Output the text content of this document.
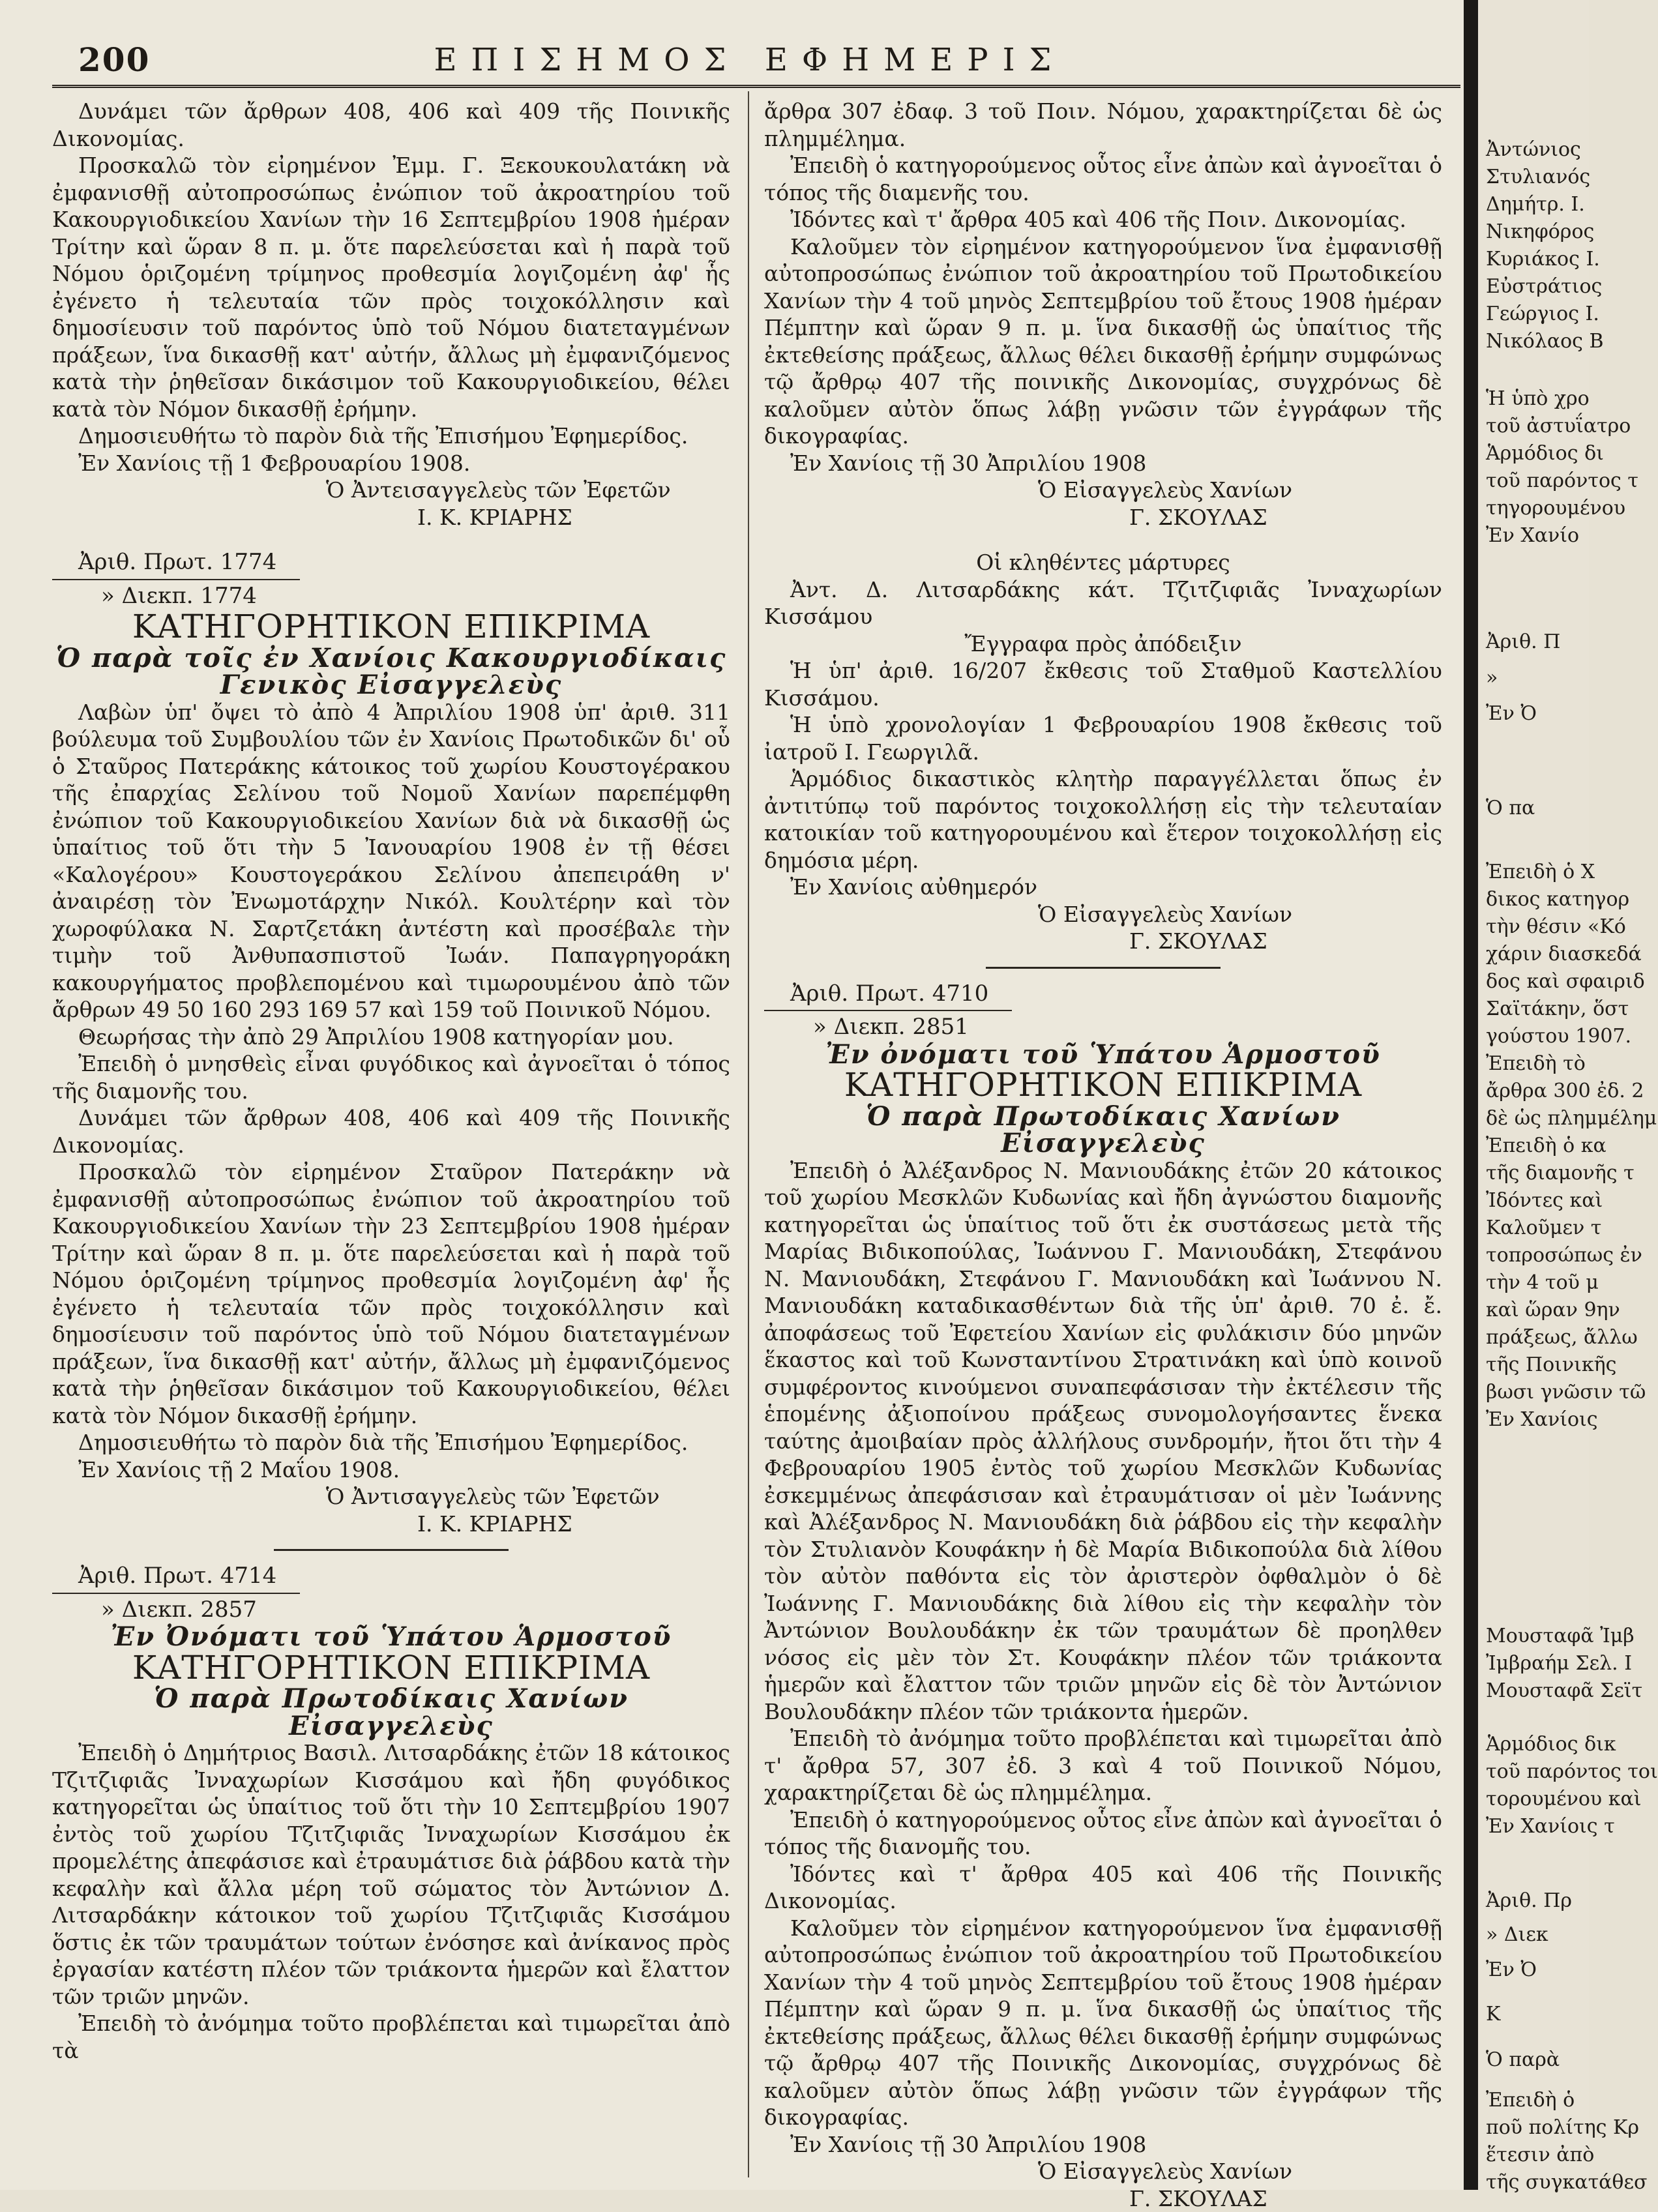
200	ΕΠΙΣΗΜΟΣ ΕΦΗΜΕΡΙΣ

Δυνάμει τῶν ἄρθρων 408, 406 καὶ 409 τῆς Ποινικῆς Δικονομίας.

Προσκαλῶ τὸν εἰρημένον Ἐμμ. Γ. Ξεκουκουλατάκη νὰ ἐμφανισθῇ αὐτοπροσώπως ἐνώπιον τοῦ ἀκροατηρίου τοῦ Κακουργιοδικείου Χανίων τὴν 16 Σεπτεμβρίου 1908 ἡμέραν Τρίτην καὶ ὥραν 8 π. μ. ὅτε παρελεύσεται καὶ ἡ παρὰ τοῦ Νόμου ὁριζομένη τρίμηνος προθεσμία λογιζομένη ἀφ' ἧς ἐγένετο ἡ τελευταία τῶν πρὸς τοιχοκόλλησιν καὶ δημοσίευσιν τοῦ παρόντος ὑπὸ τοῦ Νόμου διατεταγμένων πράξεων, ἵνα δικασθῇ κατ' αὐτήν, ἄλλως μὴ ἐμφανιζόμενος κατὰ τὴν ῥηθεῖσαν δικάσιμον τοῦ Κακουργιοδικείου, θέλει κατὰ τὸν Νόμον δικασθῇ ἐρήμην.

Δημοσιευθήτω τὸ παρὸν διὰ τῆς Ἐπισήμου Ἐφημερίδος.

Ἐν Χανίοις τῇ 1 Φεβρουαρίου 1908.

Ὁ Ἀντεισαγγελεὺς τῶν Ἐφετῶν

Ι. Κ. ΚΡΙΑΡΗΣ

Ἀριθ. Πρωτ. 1774

» Διεκπ. 1774

ΚΑΤΗΓΟΡΗΤΙΚΟΝ ΕΠΙΚΡΙΜΑ

Ὁ παρὰ τοῖς ἐν Χανίοις Κακουργιοδίκαις Γενικὸς Εἰσαγγελεὺς

Λαβὼν ὑπ' ὄψει τὸ ἀπὸ 4 Ἀπριλίου 1908 ὑπ' ἀριθ. 311 βούλευμα τοῦ Συμβουλίου τῶν ἐν Χανίοις Πρωτοδικῶν δι' οὗ ὁ Σταῦρος Πατεράκης κάτοικος τοῦ χωρίου Κουστογέρακου τῆς ἐπαρχίας Σελίνου τοῦ Νομοῦ Χανίων παρεπέμφθη ἐνώπιον τοῦ Κακουργιοδικείου Χανίων διὰ νὰ δικασθῇ ὡς ὑπαίτιος τοῦ ὅτι τὴν 5 Ἰανουαρίου 1908 ἐν τῇ θέσει «Καλογέρου» Κουστογεράκου Σελίνου ἀπεπειράθη ν' ἀναιρέσῃ τὸν Ἐνωμοτάρχην Νικόλ. Κουλτέρην καὶ τὸν χωροφύλακα Ν. Σαρτζετάκη ἀντέστη καὶ προσέβαλε τὴν τιμὴν τοῦ Ἀνθυπασπιστοῦ Ἰωάν. Παπαγρηγοράκη κακουργήματος προβλεπομένου καὶ τιμωρουμένου ἀπὸ τῶν ἄρθρων 49 50 160 293 169 57 καὶ 159 τοῦ Ποινικοῦ Νόμου.

Θεωρήσας τὴν ἀπὸ 29 Ἀπριλίου 1908 κατηγορίαν μου.

Ἐπειδὴ ὁ μνησθεὶς εἶναι φυγόδικος καὶ ἀγνοεῖται ὁ τόπος τῆς διαμονῆς του.

Δυνάμει τῶν ἄρθρων 408, 406 καὶ 409 τῆς Ποινικῆς Δικονομίας.

Προσκαλῶ τὸν εἰρημένον Σταῦρον Πατεράκην νὰ ἐμφανισθῇ αὐτοπροσώπως ἐνώπιον τοῦ ἀκροατηρίου τοῦ Κακουργιοδικείου Χανίων τὴν 23 Σεπτεμβρίου 1908 ἡμέραν Τρίτην καὶ ὥραν 8 π. μ. ὅτε παρελεύσεται καὶ ἡ παρὰ τοῦ Νόμου ὁριζομένη τρίμηνος προθεσμία λογιζομένη ἀφ' ἧς ἐγένετο ἡ τελευταία τῶν πρὸς τοιχοκόλλησιν καὶ δημοσίευσιν τοῦ παρόντος ὑπὸ τοῦ Νόμου διατεταγμένων πράξεων, ἵνα δικασθῇ κατ' αὐτήν, ἄλλως μὴ ἐμφανιζόμενος κατὰ τὴν ῥηθεῖσαν δικάσιμον τοῦ Κακουργιοδικείου, θέλει κατὰ τὸν Νόμον δικασθῇ ἐρήμην.

Δημοσιευθήτω τὸ παρὸν διὰ τῆς Ἐπισήμου Ἐφημερίδος.

Ἐν Χανίοις τῇ 2 Μαΐου 1908.

Ὁ Ἀντισαγγελεὺς τῶν Ἐφετῶν

Ι. Κ. ΚΡΙΑΡΗΣ

Ἀριθ. Πρωτ. 4714

» Διεκπ. 2857

Ἐν Ὀνόματι τοῦ Ὑπάτου Ἁρμοστοῦ

ΚΑΤΗΓΟΡΗΤΙΚΟΝ ΕΠΙΚΡΙΜΑ

Ὁ παρὰ Πρωτοδίκαις Χανίων Εἰσαγγελεὺς

Ἐπειδὴ ὁ Δημήτριος Βασιλ. Λιτσαρδάκης ἐτῶν 18 κάτοικος Τζιτζιφιᾶς Ἰνναχωρίων Κισσάμου καὶ ἤδη φυγόδικος κατηγορεῖται ὡς ὑπαίτιος τοῦ ὅτι τὴν 10 Σεπτεμβρίου 1907 ἐντὸς τοῦ χωρίου Τζιτζιφιᾶς Ἰνναχωρίων Κισσάμου ἐκ προμελέτης ἀπεφάσισε καὶ ἐτραυμάτισε διὰ ῥάβδου κατὰ τὴν κεφαλὴν καὶ ἄλλα μέρη τοῦ σώματος τὸν Ἀντώνιον Δ. Λιτσαρδάκην κάτοικον τοῦ χωρίου Τζιτζιφιᾶς Κισσάμου ὅστις ἐκ τῶν τραυμάτων τούτων ἐνόσησε καὶ ἀνίκανος πρὸς ἐργασίαν κατέστη πλέον τῶν τριάκοντα ἡμερῶν καὶ ἔλαττον τῶν τριῶν μηνῶν.

Ἐπειδὴ τὸ ἀνόμημα τοῦτο προβλέπεται καὶ τιμωρεῖται ἀπὸ τὰ

ἄρθρα 307 ἐδαφ. 3 τοῦ Ποιν. Νόμου, χαρακτηρίζεται δὲ ὡς πλημμέλημα.

Ἐπειδὴ ὁ κατηγορούμενος οὗτος εἶνε ἀπὼν καὶ ἀγνοεῖται ὁ τόπος τῆς διαμενῆς του.

Ἰδόντες καὶ τ' ἄρθρα 405 καὶ 406 τῆς Ποιν. Δικονομίας.

Καλοῦμεν τὸν εἰρημένον κατηγορούμενον ἵνα ἐμφανισθῇ αὐτοπροσώπως ἐνώπιον τοῦ ἀκροατηρίου τοῦ Πρωτοδικείου Χανίων τὴν 4 τοῦ μηνὸς Σεπτεμβρίου τοῦ ἔτους 1908 ἡμέραν Πέμπτην καὶ ὥραν 9 π. μ. ἵνα δικασθῇ ὡς ὑπαίτιος τῆς ἐκτεθείσης πράξεως, ἄλλως θέλει δικασθῇ ἐρήμην συμφώνως τῷ ἄρθρῳ 407 τῆς ποινικῆς Δικονομίας, συγχρόνως δὲ καλοῦμεν αὐτὸν ὅπως λάβῃ γνῶσιν τῶν ἐγγράφων τῆς δικογραφίας.

Ἐν Χανίοις τῇ 30 Ἀπριλίου 1908

Ὁ Εἰσαγγελεὺς Χανίων

Γ. ΣΚΟΥΛΑΣ

Οἱ κληθέντες μάρτυρες

Ἀντ. Δ. Λιτσαρδάκης κάτ. Τζιτζιφιᾶς Ἰνναχωρίων Κισσάμου

Ἔγγραφα πρὸς ἀπόδειξιν

Ἡ ὑπ' ἀριθ. 16/207 ἔκθεσις τοῦ Σταθμοῦ Καστελλίου Κισσάμου.

Ἡ ὑπὸ χρονολογίαν 1 Φεβρουαρίου 1908 ἔκθεσις τοῦ ἰατροῦ Ι. Γεωργιλᾶ.

Ἁρμόδιος δικαστικὸς κλητὴρ παραγγέλλεται ὅπως ἐν ἀντιτύπῳ τοῦ παρόντος τοιχοκολλήσῃ εἰς τὴν τελευταίαν κατοικίαν τοῦ κατηγορουμένου καὶ ἕτερον τοιχοκολλήσῃ εἰς δημόσια μέρη.

Ἐν Χανίοις αὐθημερόν

Ὁ Εἰσαγγελεὺς Χανίων

Γ. ΣΚΟΥΛΑΣ

Ἀριθ. Πρωτ. 4710

» Διεκπ. 2851

Ἐν ὀνόματι τοῦ Ὑπάτου Ἁρμοστοῦ

ΚΑΤΗΓΟΡΗΤΙΚΟΝ ΕΠΙΚΡΙΜΑ

Ὁ παρὰ Πρωτοδίκαις Χανίων Εἰσαγγελεὺς

Ἐπειδὴ ὁ Ἀλέξανδρος Ν. Μανιουδάκης ἐτῶν 20 κάτοικος τοῦ χωρίου Μεσκλῶν Κυδωνίας καὶ ἤδη ἀγνώστου διαμονῆς κατηγορεῖται ὡς ὑπαίτιος τοῦ ὅτι ἐκ συστάσεως μετὰ τῆς Μαρίας Βιδικοπούλας, Ἰωάννου Γ. Μανιουδάκη, Στεφάνου Ν. Μανιουδάκη, Στεφάνου Γ. Μανιουδάκη καὶ Ἰωάννου Ν. Μανιουδάκη καταδικασθέντων διὰ τῆς ὑπ' ἀριθ. 70 ἐ. ἔ. ἀποφάσεως τοῦ Ἐφετείου Χανίων εἰς φυλάκισιν δύο μηνῶν ἕκαστος καὶ τοῦ Κωνσταντίνου Στρατινάκη καὶ ὑπὸ κοινοῦ συμφέροντος κινούμενοι συναπεφάσισαν τὴν ἐκτέλεσιν τῆς ἑπομένης ἀξιοποίνου πράξεως συνομολογήσαντες ἕνεκα ταύτης ἀμοιβαίαν πρὸς ἀλλήλους συνδρομήν, ἤτοι ὅτι τὴν 4 Φεβρουαρίου 1905 ἐντὸς τοῦ χωρίου Μεσκλῶν Κυδωνίας ἐσκεμμένως ἀπεφάσισαν καὶ ἐτραυμάτισαν οἱ μὲν Ἰωάννης καὶ Ἀλέξανδρος Ν. Μανιουδάκη διὰ ῥάβδου εἰς τὴν κεφαλὴν τὸν Στυλιανὸν Κουφάκην ἡ δὲ Μαρία Βιδικοπούλα διὰ λίθου τὸν αὐτὸν παθόντα εἰς τὸν ἀριστερὸν ὀφθαλμὸν ὁ δὲ Ἰωάννης Γ. Μανιουδάκης διὰ λίθου εἰς τὴν κεφαλὴν τὸν Ἀντώνιον Βουλουδάκην ἐκ τῶν τραυμάτων δὲ προηλθεν νόσος εἰς μὲν τὸν Στ. Κουφάκην πλέον τῶν τριάκοντα ἡμερῶν καὶ ἔλαττον τῶν τριῶν μηνῶν εἰς δὲ τὸν Ἀντώνιον Βουλουδάκην πλέον τῶν τριάκοντα ἡμερῶν.

Ἐπειδὴ τὸ ἀνόμημα τοῦτο προβλέπεται καὶ τιμωρεῖται ἀπὸ τ' ἄρθρα 57, 307 ἐδ. 3 καὶ 4 τοῦ Ποινικοῦ Νόμου, χαρακτηρίζεται δὲ ὡς πλημμέλημα.

Ἐπειδὴ ὁ κατηγορούμενος οὗτος εἶνε ἀπὼν καὶ ἀγνοεῖται ὁ τόπος τῆς διανομῆς του.

Ἰδόντες καὶ τ' ἄρθρα 405 καὶ 406 τῆς Ποινικῆς Δικονομίας.

Καλοῦμεν τὸν εἰρημένον κατηγορούμενον ἵνα ἐμφανισθῇ αὐτοπροσώπως ἐνώπιον τοῦ ἀκροατηρίου τοῦ Πρωτοδικείου Χανίων τὴν 4 τοῦ μηνὸς Σεπτεμβρίου τοῦ ἔτους 1908 ἡμέραν Πέμπτην καὶ ὥραν 9 π. μ. ἵνα δικασθῇ ὡς ὑπαίτιος τῆς ἐκτεθείσης πράξεως, ἄλλως θέλει δικασθῇ ἐρήμην συμφώνως τῷ ἄρθρῳ 407 τῆς Ποινικῆς Δικονομίας, συγχρόνως δὲ καλοῦμεν αὐτὸν ὅπως λάβῃ γνῶσιν τῶν ἐγγράφων τῆς δικογραφίας.

Ἐν Χανίοις τῇ 30 Ἀπριλίου 1908

Ὁ Εἰσαγγελεὺς Χανίων

Γ. ΣΚΟΥΛΑΣ

Ἀντώνιος
Στυλιανός
Δημήτρ. Ι.
Νικηφόρος
Κυριάκος Ι.
Εὐστράτιος
Γεώργιος Ι.
Νικόλαος Β
Ἡ ὑπὸ χρο
τοῦ ἀστυΐατρο
Ἁρμόδιος δι
τοῦ παρόντος τ
τηγορουμένου
Ἐν Χανίο
Ἀριθ. Π
»
Ἐν Ὀ
Ὁ πα
Ἐπειδὴ ὁ Χ
δικος κατηγορ
τὴν θέσιν «Κό
χάριν διασκεδά
δος καὶ σφαιριδ
Σαϊτάκην, ὅστ
γούστου 1907.
Ἐπειδὴ τὸ
ἄρθρα 300 ἐδ. 2
δὲ ὡς πλημμέλημ
Ἐπειδὴ ὁ κα
τῆς διαμονῆς τ
Ἰδόντες καὶ
Καλοῦμεν τ
τοπροσώπως ἐν
τὴν 4 τοῦ μ
καὶ ὥραν 9ην
πράξεως, ἄλλω
τῆς Ποινικῆς
βωσι γνῶσιν τῶ
Ἐν Χανίοις
Μουσταφᾶ Ἰμβ
Ἰμβραήμ Σελ. Ι
Μουσταφᾶ Σεϊτ
Ἁρμόδιος δικ
τοῦ παρόντος τοι
τορουμένου καὶ
Ἐν Χανίοις τ
Ἀριθ. Πρ
» Διεκ
Ἐν Ὀ
Κ
Ὁ παρὰ
Ἐπειδὴ ὁ
ποῦ πολίτης Κρ
ἕτεσιν ἀπὸ
τῆς συγκατάθεσ
